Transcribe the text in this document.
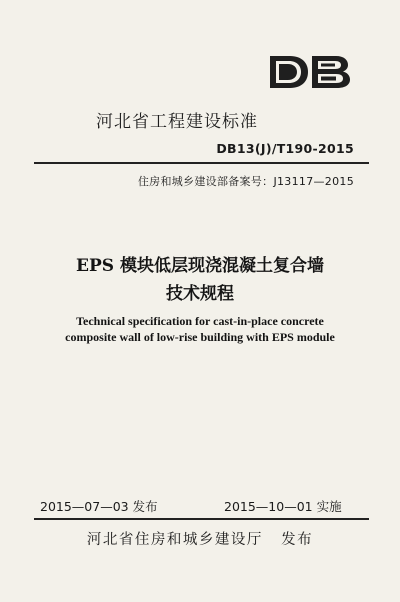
河北省工程建设标准
DB13(J)/T190-2015
住房和城乡建设部备案号：J13117—2015
EPS 模块低层现浇混凝土复合墙
技术规程
Technical specification for cast-in-place concrete
composite wall of low-rise building with EPS module
2015—07—03 发布	2015—10—01 实施
河北省住房和城乡建设厅   发布
